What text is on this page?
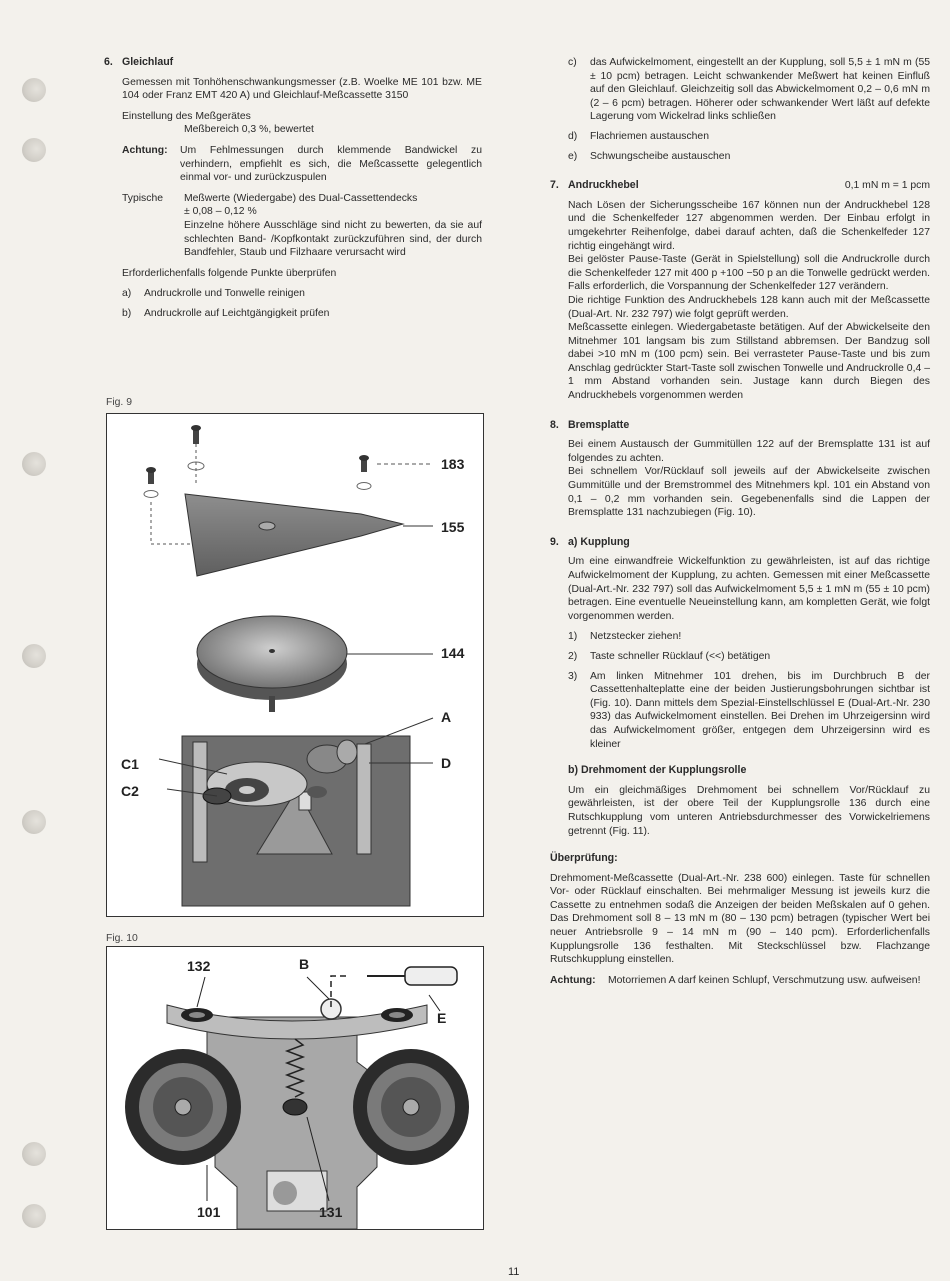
6. Gleichlauf

Gemessen mit Tonhöhenschwankungsmesser (z.B. Woelke ME 101 bzw. ME 104 oder Franz EMT 420 A) und Gleichlauf-Meßcassette 3150

Einstellung des Meßgerätes

Meßbereich 0,3 %, bewertet

Achtung:	Um Fehlmessungen durch klemmende Bandwickel zu verhindern, empfiehlt es sich, die Meßcassette gelegentlich einmal vor- und zurückzuspulen
Typische	Meßwerte (Wiedergabe) des Dual-Cassettendecks

± 0,08 – 0,12 %

Einzelne höhere Ausschläge sind nicht zu bewerten, da sie auf schlechten Band- /Kopfkontakt zurückzuführen sind, der durch Bandfehler, Staub und Filzhaare verursacht wird

Erforderlichenfalls folgende Punkte überprüfen

a)	Andruckrolle und Tonwelle reinigen
b)	Andruckrolle auf Leichtgängigkeit prüfen
Fig. 9
183
155
144
A
D
C1
C2
Fig. 10
132	B
E
101	131
c)	das Aufwickelmoment, eingestellt an der Kupplung, soll 5,5 ± 1 mN m (55 ± 10 pcm) betragen. Leicht schwankender Meßwert hat keinen Einfluß auf den Gleichlauf. Gleichzeitig soll das Abwickelmoment 0,2 – 0,6 mN m (2 – 6 pcm) betragen. Höherer oder schwankender Wert läßt auf defekte Lagerung vom Wickelrad links schließen
d)	Flachriemen austauschen
e)	Schwungscheibe austauschen
7. Andruckhebel	0,1 mN m = 1 pcm

Nach Lösen der Sicherungsscheibe 167 können nun der Andruckhebel 128 und die Schenkelfeder 127 abgenommen werden. Der Einbau erfolgt in umgekehrter Reihenfolge, dabei darauf achten, daß die Schenkelfeder 127 richtig eingehängt wird.

Bei gelöster Pause-Taste (Gerät in Spielstellung) soll die Andruckrolle durch die Schenkelfeder 127 mit 400 p +100 −50 p an die Tonwelle gedrückt werden. Falls erforderlich, die Vorspannung der Schenkelfeder 127 verändern.

Die richtige Funktion des Andruckhebels 128 kann auch mit der Meßcassette (Dual-Art. Nr. 232 797) wie folgt geprüft werden.

Meßcassette einlegen. Wiedergabetaste betätigen. Auf der Abwickelseite den Mitnehmer 101 langsam bis zum Stillstand abbremsen. Der Bandzug soll dabei >10 mN m (100 pcm) sein. Bei verrasteter Pause-Taste und bis zum Anschlag gedrückter Start-Taste soll zwischen Tonwelle und Andruckrolle 0,4 – 1 mm Abstand vorhanden sein. Justage kann durch Biegen des Andruckhebels vorgenommen werden

8. Bremsplatte

Bei einem Austausch der Gummitüllen 122 auf der Bremsplatte 131 ist auf folgendes zu achten.

Bei schnellem Vor/Rücklauf soll jeweils auf der Abwickelseite zwischen Gummitülle und der Bremstrommel des Mitnehmers kpl. 101 ein Abstand von 0,1 – 0,2 mm vorhanden sein. Gegebenenfalls sind die Lappen der Bremsplatte 131 nachzubiegen (Fig. 10).

9. a) Kupplung

Um eine einwandfreie Wickelfunktion zu gewährleisten, ist auf das richtige Aufwickelmoment der Kupplung, zu achten. Gemessen mit einer Meßcassette (Dual-Art.-Nr. 232 797) soll das Aufwickelmoment 5,5 ± 1 mN m (55 ± 10 pcm) betragen. Eine eventuelle Neueinstellung kann, am kompletten Gerät, wie folgt vorgenommen werden.

1)	Netzstecker ziehen!
2)	Taste schneller Rücklauf (<<) betätigen
3)	Am linken Mitnehmer 101 drehen, bis im Durchbruch B der Cassettenhalteplatte eine der beiden Justierungsbohrungen sichtbar ist (Fig. 10). Dann mittels dem Spezial-Einstellschlüssel E (Dual-Art.-Nr. 230 933) das Aufwickelmoment einstellen. Bei Drehen im Uhrzeigersinn wird das Aufwickelmoment größer, entgegen dem Uhrzeigersinn wird es kleiner
b) Drehmoment der Kupplungsrolle

Um ein gleichmäßiges Drehmoment bei schnellem Vor/Rücklauf zu gewährleisten, ist der obere Teil der Kupplungsrolle 136 durch eine Rutschkupplung vom unteren Antriebsdurchmesser des Vorwickelriemens getrennt (Fig. 11).

Überprüfung:

Drehmoment-Meßcassette (Dual-Art.-Nr. 238 600) einlegen. Taste für schnellen Vor- oder Rücklauf einschalten. Bei mehrmaliger Messung ist jeweils kurz die Cassette zu entnehmen sodaß die Anzeigen der beiden Meßskalen auf 0 gehen. Das Drehmoment soll 8 – 13 mN m (80 – 130 pcm) betragen (typischer Wert bei neuer Antriebsrolle 9 – 14 mN m (90 – 140 pcm). Erforderlichenfalls Kupplungsrolle 136 festhalten. Mit Steckschlüssel bzw. Flachzange Rutschkupplung einstellen.

Achtung:	Motorriemen A darf keinen Schlupf, Verschmutzung usw. aufweisen!
11
